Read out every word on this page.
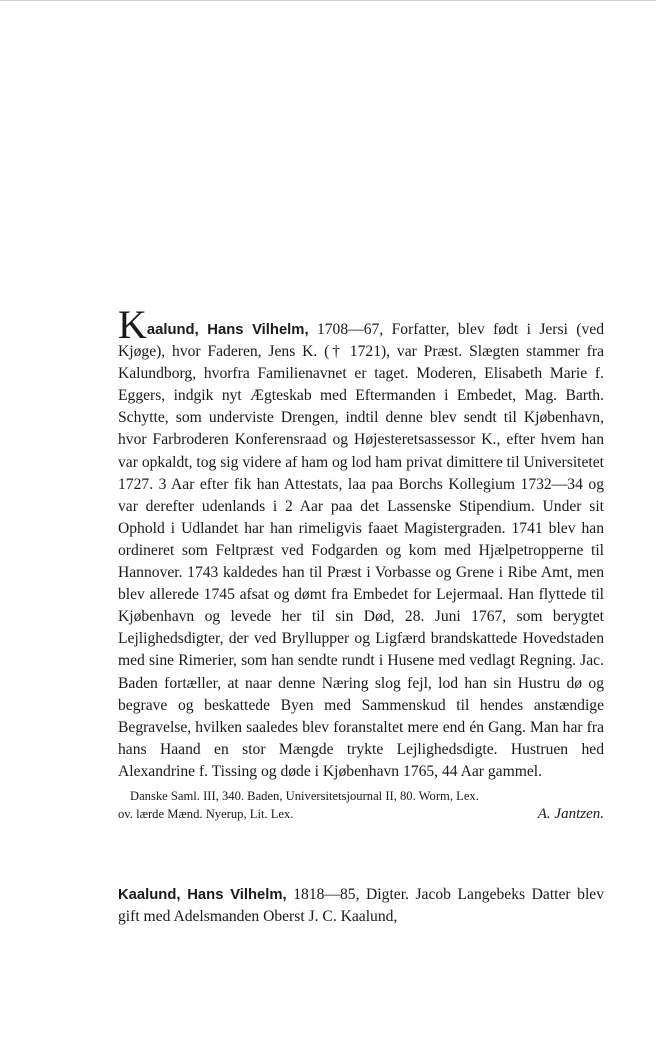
Kaalund, Hans Vilhelm, 1708—67, Forfatter, blev født i Jersi (ved Kjøge), hvor Faderen, Jens K. († 1721), var Præst. Slægten stammer fra Kalundborg, hvorfra Familienavnet er taget. Moderen, Elisabeth Marie f. Eggers, indgik nyt Ægteskab med Eftermanden i Embedet, Mag. Barth. Schytte, som underviste Drengen, indtil denne blev sendt til Kjøbenhavn, hvor Farbroderen Konferensraad og Højesteretsassessor K., efter hvem han var opkaldt, tog sig videre af ham og lod ham privat dimittere til Universitetet 1727. 3 Aar efter fik han Attestats, laa paa Borchs Kollegium 1732—34 og var derefter udenlands i 2 Aar paa det Lassenske Stipendium. Under sit Ophold i Udlandet har han rimeligvis faaet Magistergraden. 1741 blev han ordineret som Feltpræst ved Fodgarden og kom med Hjælpetropperne til Hannover. 1743 kaldedes han til Præst i Vorbasse og Grene i Ribe Amt, men blev allerede 1745 afsat og dømt fra Embedet for Lejermaal. Han flyttede til Kjøbenhavn og levede her til sin Død, 28. Juni 1767, som berygtet Lejlighedsdigter, der ved Bryllupper og Ligfærd brandskattede Hovedstaden med sine Rimerier, som han sendte rundt i Husene med vedlagt Regning. Jac. Baden fortæller, at naar denne Næring slog fejl, lod han sin Hustru dø og begrave og beskattede Byen med Sammenskud til hendes anstændige Begravelse, hvilken saaledes blev foranstaltet mere end én Gang. Man har fra hans Haand en stor Mængde trykte Lejlighedsdigte. Hustruen hed Alexandrine f. Tissing og døde i Kjøbenhavn 1765, 44 Aar gammel.

Danske Saml. III, 340. Baden, Universitetsjournal II, 80. Worm, Lex.
ov. lærde Mænd. Nyerup, Lit. Lex.	A. Jantzen.

Kaalund, Hans Vilhelm, 1818—85, Digter. Jacob Langebeks Datter blev gift med Adelsmanden Oberst J. C. Kaalund,
